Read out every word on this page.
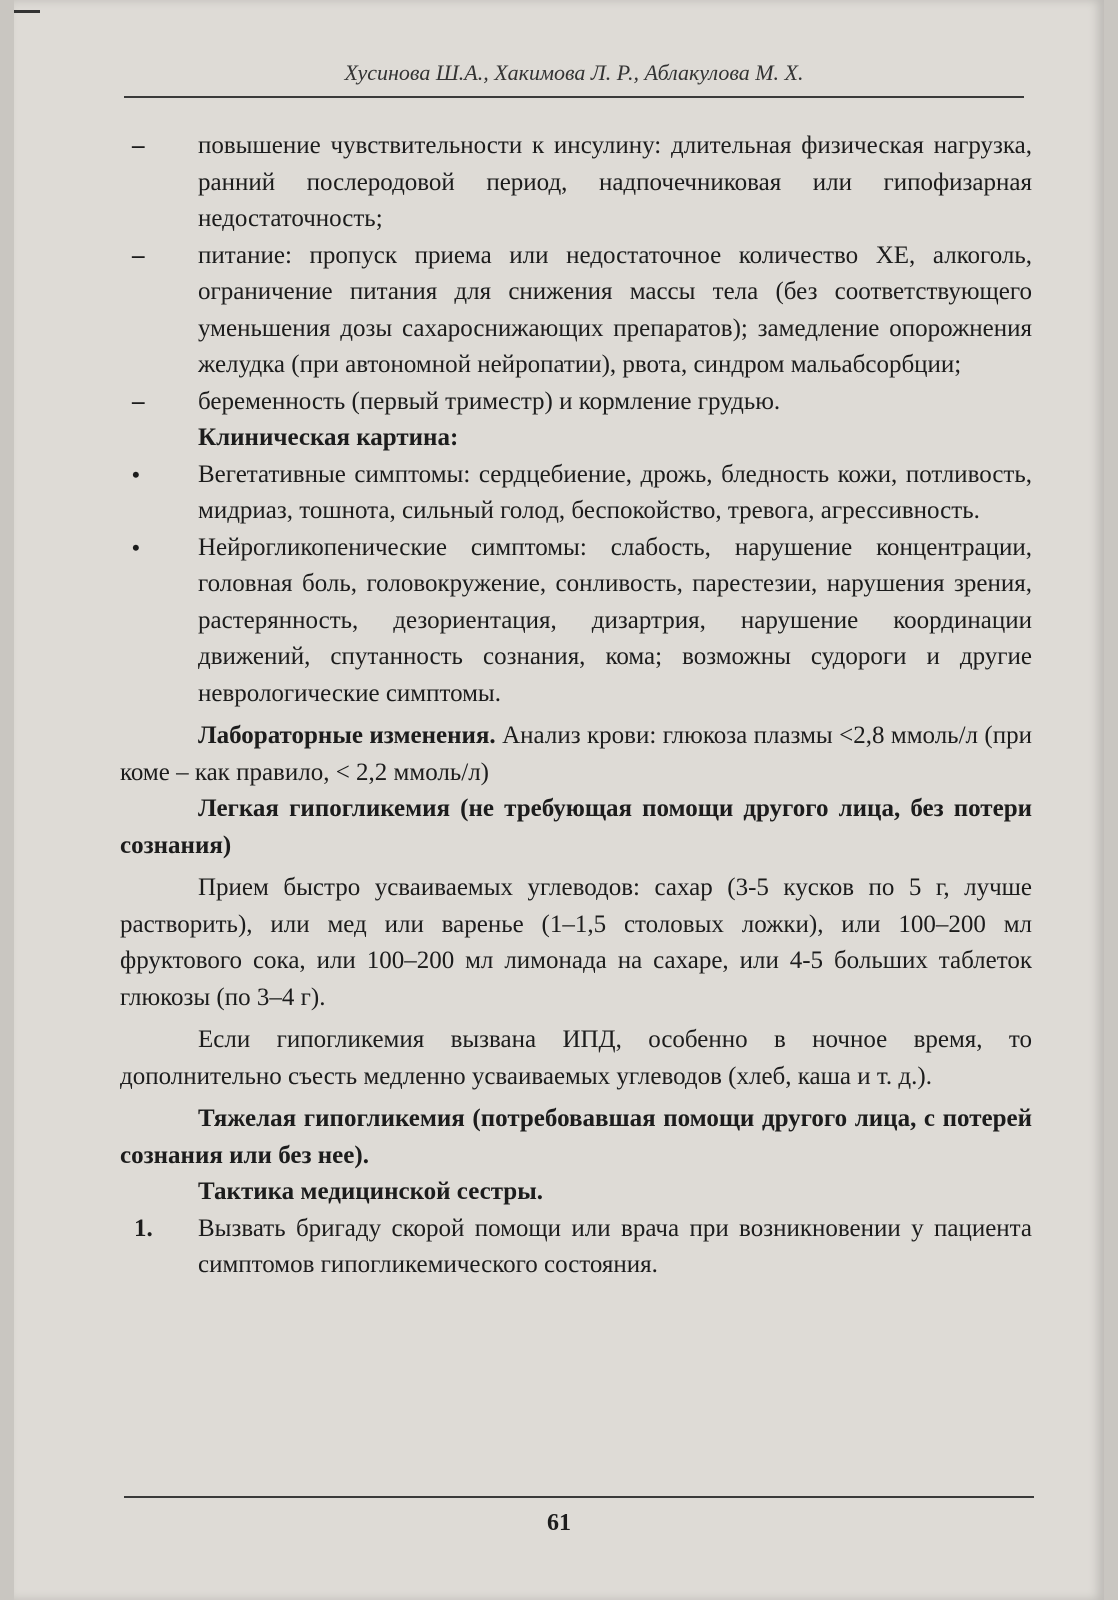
Хусинова Ш.А., Хакимова Л. Р., Аблакулова М. Х.
–	повышение чувствительности к инсулину: длительная физическая нагрузка, ранний послеродовой период, надпочечниковая или гипофизарная недостаточность;
–	питание: пропуск приема или недостаточное количество ХЕ, алкоголь, ограничение питания для снижения массы тела (без соответствующего уменьшения дозы сахароснижающих препаратов); замедление опорожнения желудка (при автономной нейропатии), рвота, синдром мальабсорбции;
–	беременность (первый триместр) и кормление грудью.
Клиническая картина:
•	Вегетативные симптомы: сердцебиение, дрожь, бледность кожи, потливость, мидриаз, тошнота, сильный голод, беспокойство, тревога, агрессивность.
•	Нейрогликопенические симптомы: слабость, нарушение концентрации, головная боль, головокружение, сонливость, парестезии, нарушения зрения, растерянность, дезориентация, дизартрия, нарушение координации движений, спутанность сознания, кома; возможны судороги и другие неврологические симптомы.
Лабораторные изменения. Анализ крови: глюкоза плазмы <2,8 ммоль/л (при коме – как правило, < 2,2 ммоль/л)
Легкая гипогликемия (не требующая помощи другого лица, без потери сознания)
Прием быстро усваиваемых углеводов: сахар (3-5 кусков по 5 г, лучше растворить), или мед или варенье (1–1,5 столовых ложки), или 100–200 мл фруктового сока, или 100–200 мл лимонада на сахаре, или 4-5 больших таблеток глюкозы (по 3–4 г).
Если гипогликемия вызвана ИПД, особенно в ночное время, то дополнительно съесть медленно усваиваемых углеводов (хлеб, каша и т. д.).
Тяжелая гипогликемия (потребовавшая помощи другого лица, с потерей сознания или без нее).
Тактика медицинской сестры.
1.	Вызвать бригаду скорой помощи или врача при возникновении у пациента симптомов гипогликемического состояния.
61
